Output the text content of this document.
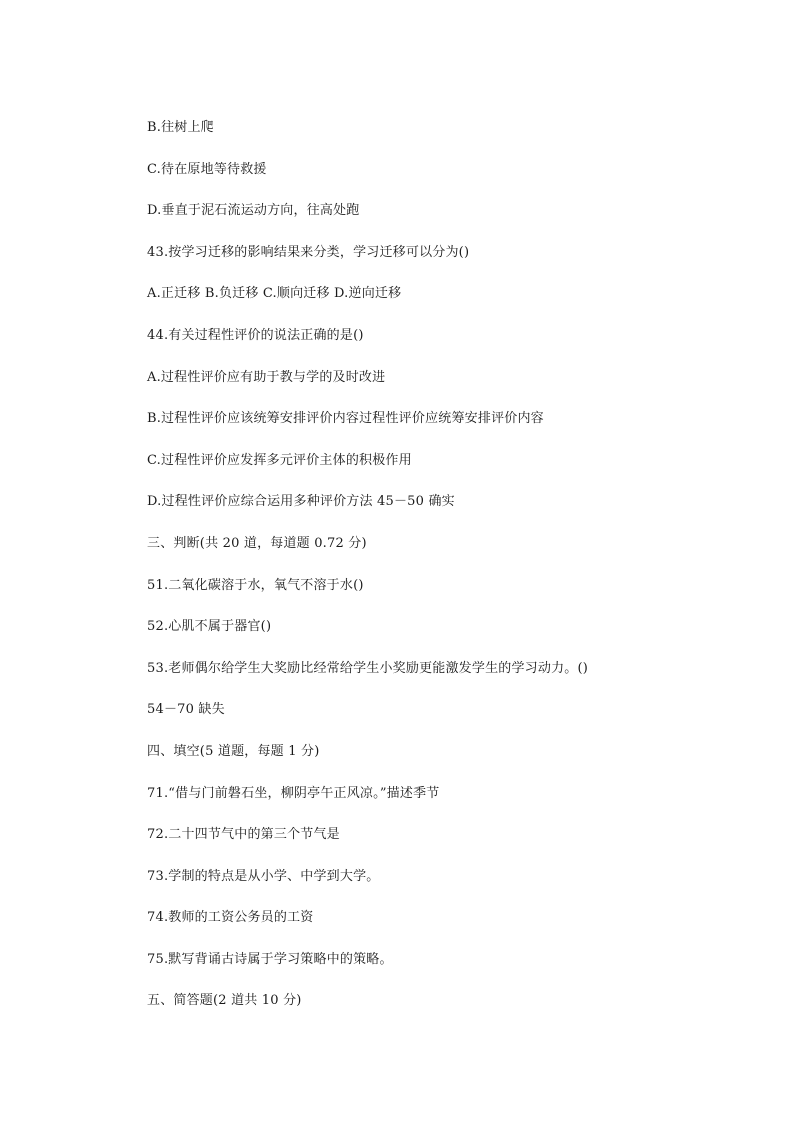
B.往树上爬
C.待在原地等待救援
D.垂直于泥石流运动方向，往高处跑
43.按学习迁移的影响结果来分类，学习迁移可以分为()
A.正迁移 B.负迁移 C.顺向迁移 D.逆向迁移
44.有关过程性评价的说法正确的是()
A.过程性评价应有助于教与学的及时改进
B.过程性评价应该统筹安排评价内容过程性评价应统筹安排评价内容
C.过程性评价应发挥多元评价主体的积极作用
D.过程性评价应综合运用多种评价方法 45－50 确实
三、判断(共 20 道，每道题 0.72 分)
51.二氧化碳溶于水，氧气不溶于水()
52.心肌不属于器官()
53.老师偶尔给学生大奖励比经常给学生小奖励更能激发学生的学习动力。()
54－70 缺失
四、填空(5 道题，每题 1 分)
71.“借与门前磐石坐，柳阴亭午正风凉。”描述季节
72.二十四节气中的第三个节气是
73.学制的特点是从小学、中学到大学。
74.教师的工资公务员的工资
75.默写背诵古诗属于学习策略中的策略。
五、简答题(2 道共 10 分)
